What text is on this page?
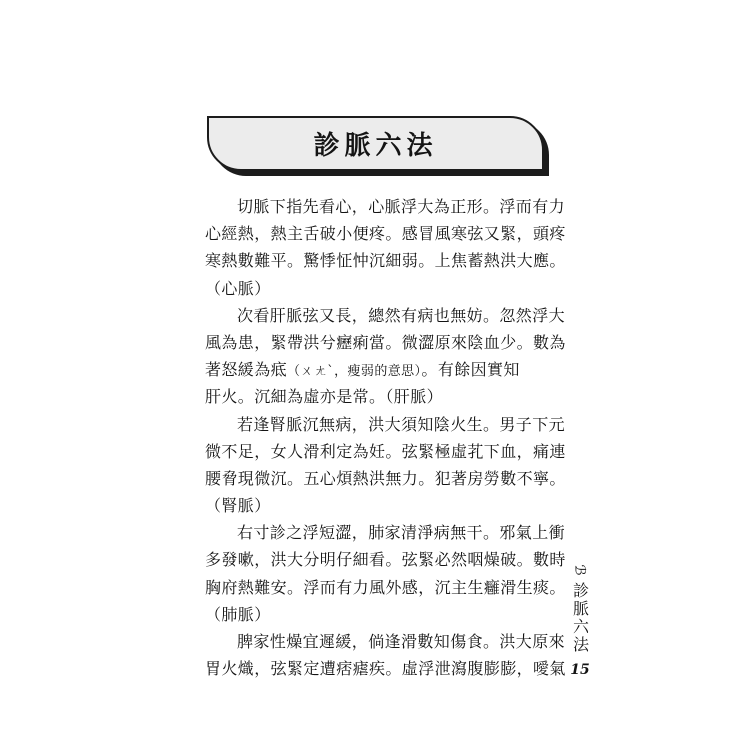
診脈六法
切脈下指先看心，心脈浮大為正形。浮而有力
心經熱，熱主舌破小便疼。感冒風寒弦又緊，頭疼
寒熱數難平。驚悸怔忡沉細弱。上焦蓄熱洪大應。
（心脈）
次看肝脈弦又長，總然有病也無妨。忽然浮大
風為患，緊帶洪兮癧痢當。微澀原來陰血少。數為
著怒緩為疷（ㄨㄤˋ，瘦弱的意思）。有餘因實知
肝火。沉細為虛亦是常。（肝脈）
若逢腎脈沉無病，洪大須知陰火生。男子下元
微不足，女人滑利定為妊。弦緊極虛芤下血，痛連
腰脅現微沉。五心煩熱洪無力。犯著房勞數不寧。
（腎脈）
右寸診之浮短澀，肺家清淨病無干。邪氣上衝
多發嗽，洪大分明仔細看。弦緊必然咽燥破。數時
胸府熱難安。浮而有力風外感，沉主生癰滑生痰。
（肺脈）
脾家性燥宜遲緩，倘逢滑數知傷食。洪大原來
胃火熾，弦緊定遭痞瘧疾。虛浮泄瀉腹膨膨，噯氣
ℬ
診脈六法
15
